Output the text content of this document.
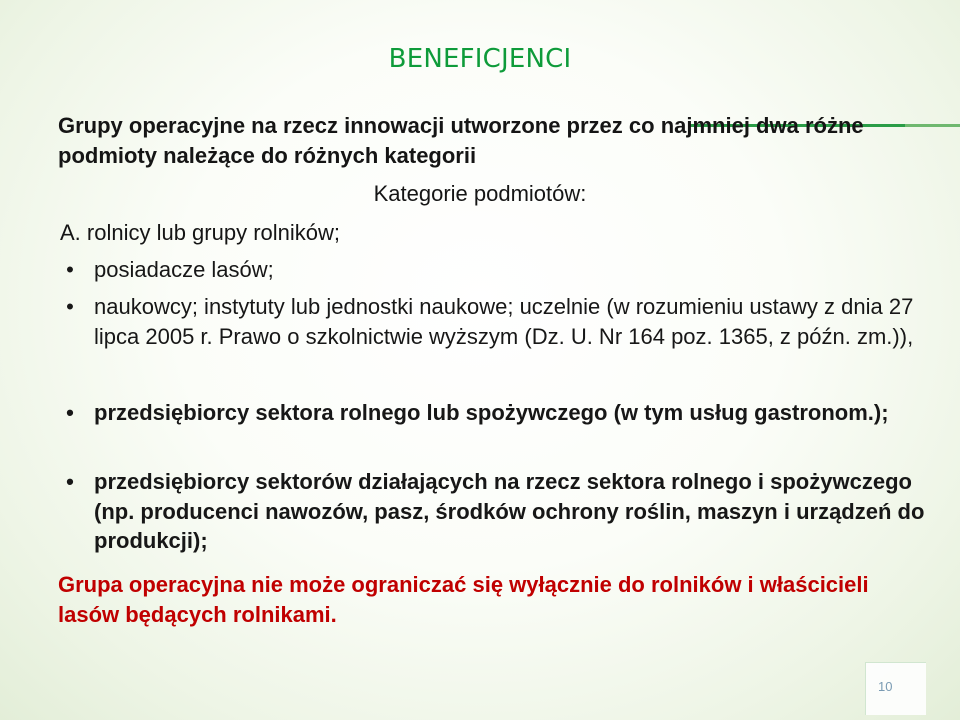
BENEFICJENCI
Grupy operacyjne na rzecz innowacji utworzone przez co najmniej dwa różne podmioty należące do różnych kategorii
Kategorie podmiotów:
A. rolnicy lub grupy rolników;
• posiadacze lasów;
• naukowcy; instytuty lub jednostki naukowe; uczelnie (w rozumieniu ustawy z dnia 27 lipca 2005 r. Prawo o szkolnictwie wyższym (Dz. U. Nr 164 poz. 1365, z późn. zm.)),
• przedsiębiorcy sektora rolnego lub spożywczego (w tym usług gastronom.);
• przedsiębiorcy sektorów działających na rzecz sektora rolnego i spożywczego (np. producenci nawozów, pasz, środków ochrony roślin, maszyn i urządzeń do produkcji);
Grupa operacyjna nie może ograniczać się wyłącznie do rolników i właścicieli lasów będących rolnikami.
10
